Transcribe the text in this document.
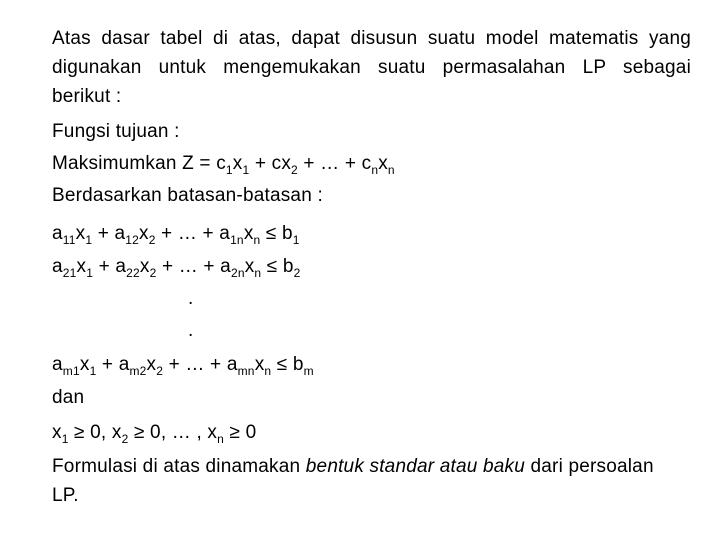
Atas dasar tabel di atas, dapat disusun suatu model matematis yang
digunakan untuk mengemukakan suatu permasalahan LP sebagai
berikut :
Fungsi tujuan :
Maksimumkan $Z = c_1x_1 + cx_2$ + … + $c_nx_n$
Berdasarkan batasan-batasan :
$a_{11}x_1 + a_{12}x_2$ + … + $a_{1n}x_n \le b_1$
$a_{21}x_1 + a_{22}x_2$ + … + $a_{2n}x_n \le b_2$
.
.
$a_{m1}x_1 + a_{m2}x_2$ + … + $a_{mn}x_n \le b_m$
dan
$x_1 \ge 0$, $x_2 \ge 0$, … , $x_n \ge 0$
Formulasi di atas dinamakan bentuk standar atau baku dari persoalan
LP.
